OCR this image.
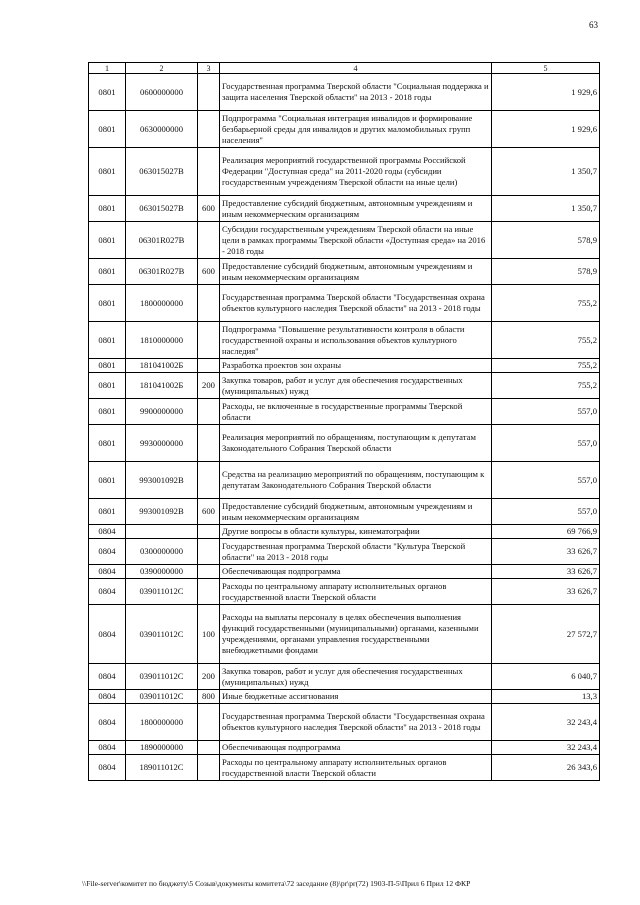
63
1	2	3	4	5
0801	0600000000		Государственная программа Тверской области "Социальная поддержка и защита населения Тверской области" на 2013 - 2018 годы	1 929,6
0801	0630000000		Подпрограмма "Социальная интеграция инвалидов и формирование безбарьерной среды для инвалидов и других маломобильных групп населения"	1 929,6
0801	063015027В		Реализация мероприятий государственной программы Российской Федерации "Доступная среда" на 2011-2020 годы (субсидии государственным учреждениям Тверской области на иные цели)	1 350,7
0801	063015027В	600	Предоставление субсидий бюджетным, автономным учреждениям и иным некоммерческим организациям	1 350,7
0801	06301R027В		Субсидии государственным учреждениям Тверской области на иные цели в рамках программы Тверской области «Доступная среда» на 2016 - 2018 годы	578,9
0801	06301R027В	600	Предоставление субсидий бюджетным, автономным учреждениям и иным некоммерческим организациям	578,9
0801	1800000000		Государственная программа Тверской области "Государственная охрана объектов культурного наследия Тверской области" на 2013 - 2018 годы	755,2
0801	1810000000		Подпрограмма "Повышение результативности контроля в области государственной охраны и использования объектов культурного наследия"	755,2
0801	181041002Б		Разработка проектов зон охраны	755,2
0801	181041002Б	200	Закупка товаров, работ и услуг для обеспечения государственных (муниципальных) нужд	755,2
0801	9900000000		Расходы, не включенные в государственные программы Тверской области	557,0
0801	9930000000		Реализация мероприятий по обращениям, поступающим к депутатам Законодательного Собрания Тверской области	557,0
0801	993001092В		Средства на реализацию мероприятий по обращениям, поступающим к депутатам Законодательного Собрания Тверской области	557,0
0801	993001092В	600	Предоставление субсидий бюджетным, автономным учреждениям и иным некоммерческим организациям	557,0
0804			Другие вопросы в области культуры, кинематографии	69 766,9
0804	0300000000		Государственная программа Тверской области "Культура Тверской области" на 2013 - 2018 годы	33 626,7
0804	0390000000		Обеспечивающая подпрограмма	33 626,7
0804	039011012С		Расходы по центральному аппарату исполнительных органов государственной власти Тверской области	33 626,7
0804	039011012С	100	Расходы на выплаты персоналу в целях обеспечения выполнения функций государственными (муниципальными) органами, казенными учреждениями, органами управления государственными внебюджетными фондами	27 572,7
0804	039011012С	200	Закупка товаров, работ и услуг для обеспечения государственных (муниципальных) нужд	6 040,7
0804	039011012С	800	Иные бюджетные ассигнования	13,3
0804	1800000000		Государственная программа Тверской области "Государственная охрана объектов культурного наследия Тверской области" на 2013 - 2018 годы	32 243,4
0804	1890000000		Обеспечивающая подпрограмма	32 243,4
0804	189011012С		Расходы по центральному аппарату исполнительных органов государственной власти Тверской области	26 343,6
\\File-server\комитет по бюджету\5 Созыв\документы комитета\72 заседание (8)\pr\pr(72) 1903-П-5\Прил 6 Прил 12 ФКР
